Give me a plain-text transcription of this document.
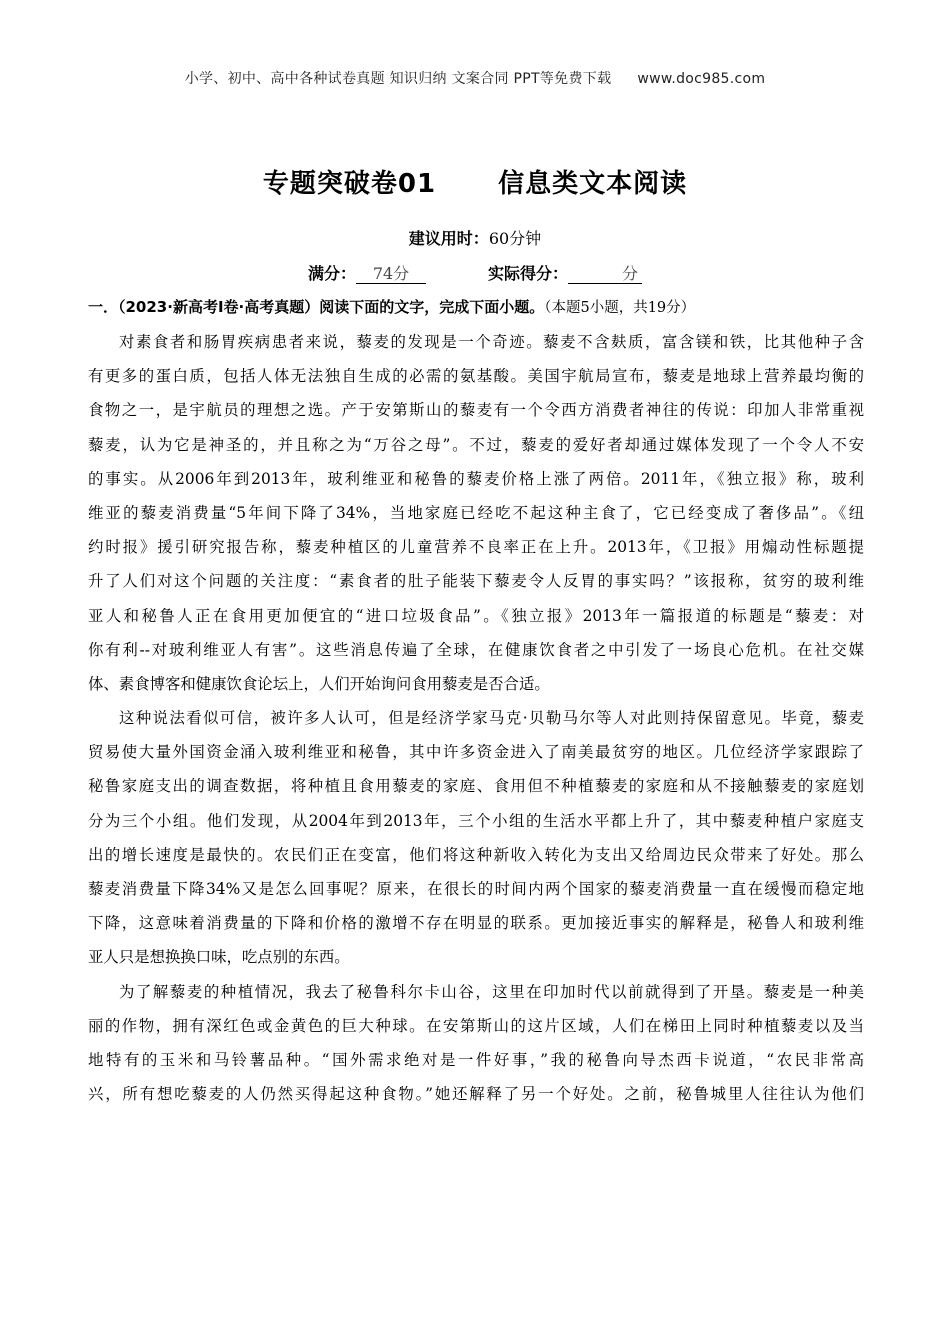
小学、初中、高中各种试卷真题 知识归纳 文案合同 PPT等免费下载 www.doc985.com
专题突破卷01 信息类文本阅读
建议用时：60分钟
满分： 74分	实际得分：	分
一．（2023·新高考Ⅰ卷·高考真题）阅读下面的文字，完成下面小题。（本题5小题，共19分）
对素食者和肠胃疾病患者来说，藜麦的发现是一个奇迹。藜麦不含麸质，富含镁和铁，比其他种子含
有更多的蛋白质，包括人体无法独自生成的必需的氨基酸。美国宇航局宣布，藜麦是地球上营养最均衡的
食物之一，是宇航员的理想之选。产于安第斯山的藜麦有一个令西方消费者神往的传说：印加人非常重视
藜麦，认为它是神圣的，并且称之为“万谷之母”。不过，藜麦的爱好者却通过媒体发现了一个令人不安
的事实。从2006年到2013年，玻利维亚和秘鲁的藜麦价格上涨了两倍。2011年，《独立报》称，玻利
维亚的藜麦消费量“5年间下降了34%，当地家庭已经吃不起这种主食了，它已经变成了奢侈品”。《纽
约时报》援引研究报告称，藜麦种植区的儿童营养不良率正在上升。2013年，《卫报》用煽动性标题提
升了人们对这个问题的关注度：“素食者的肚子能装下藜麦令人反胃的事实吗？”该报称，贫穷的玻利维
亚人和秘鲁人正在食用更加便宜的“进口垃圾食品”。《独立报》2013年一篇报道的标题是“藜麦：对
你有利--对玻利维亚人有害”。这些消息传遍了全球，在健康饮食者之中引发了一场良心危机。在社交媒
体、素食博客和健康饮食论坛上，人们开始询问食用藜麦是否合适。
这种说法看似可信，被许多人认可，但是经济学家马克·贝勒马尔等人对此则持保留意见。毕竟，藜麦
贸易使大量外国资金涌入玻利维亚和秘鲁，其中许多资金进入了南美最贫穷的地区。几位经济学家跟踪了
秘鲁家庭支出的调查数据，将种植且食用藜麦的家庭、食用但不种植藜麦的家庭和从不接触藜麦的家庭划
分为三个小组。他们发现，从2004年到2013年，三个小组的生活水平都上升了，其中藜麦种植户家庭支
出的增长速度是最快的。农民们正在变富，他们将这种新收入转化为支出又给周边民众带来了好处。那么
藜麦消费量下降34%又是怎么回事呢？原来，在很长的时间内两个国家的藜麦消费量一直在缓慢而稳定地
下降，这意味着消费量的下降和价格的激增不存在明显的联系。更加接近事实的解释是，秘鲁人和玻利维
亚人只是想换换口味，吃点别的东西。
为了解藜麦的种植情况，我去了秘鲁科尔卡山谷，这里在印加时代以前就得到了开垦。藜麦是一种美
丽的作物，拥有深红色或金黄色的巨大种球。在安第斯山的这片区域，人们在梯田上同时种植藜麦以及当
地特有的玉米和马铃薯品种。“国外需求绝对是一件好事，”我的秘鲁向导杰西卡说道，“农民非常高
兴，所有想吃藜麦的人仍然买得起这种食物。”她还解释了另一个好处。之前，秘鲁城里人往往认为他们
